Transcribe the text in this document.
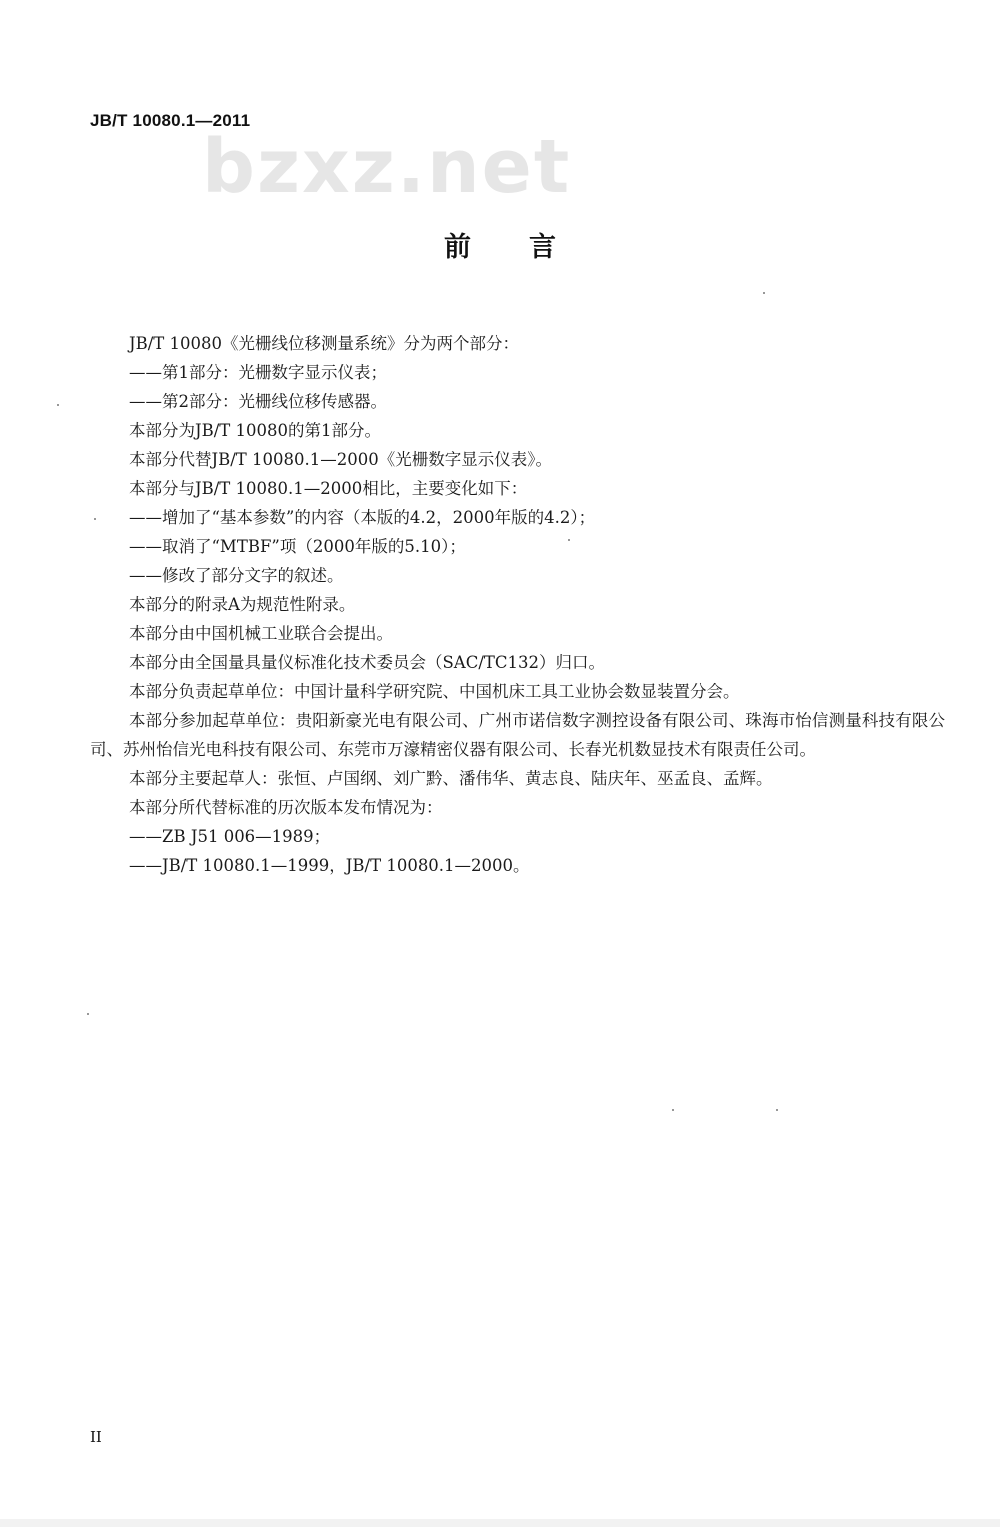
JB/T 10080.1—2011
bzxz.net
前 言

JB/T 10080《光栅线位移测量系统》分为两个部分：

——第1部分：光栅数字显示仪表；

——第2部分：光栅线位移传感器。

本部分为JB/T 10080的第1部分。

本部分代替JB/T 10080.1—2000《光栅数字显示仪表》。

本部分与JB/T 10080.1—2000相比，主要变化如下：

——增加了“基本参数”的内容（本版的4.2，2000年版的4.2）；

——取消了“MTBF”项（2000年版的5.10）；

——修改了部分文字的叙述。

本部分的附录A为规范性附录。

本部分由中国机械工业联合会提出。

本部分由全国量具量仪标准化技术委员会（SAC/TC132）归口。

本部分负责起草单位：中国计量科学研究院、中国机床工具工业协会数显装置分会。

本部分参加起草单位：贵阳新豪光电有限公司、广州市诺信数字测控设备有限公司、珠海市怡信测量科技有限公司、苏州怡信光电科技有限公司、东莞市万濠精密仪器有限公司、长春光机数显技术有限责任公司。

本部分主要起草人：张恒、卢国纲、刘广黔、潘伟华、黄志良、陆庆年、巫孟良、孟辉。

本部分所代替标准的历次版本发布情况为：

——ZB J51 006—1989；

——JB/T 10080.1—1999，JB/T 10080.1—2000。

II
